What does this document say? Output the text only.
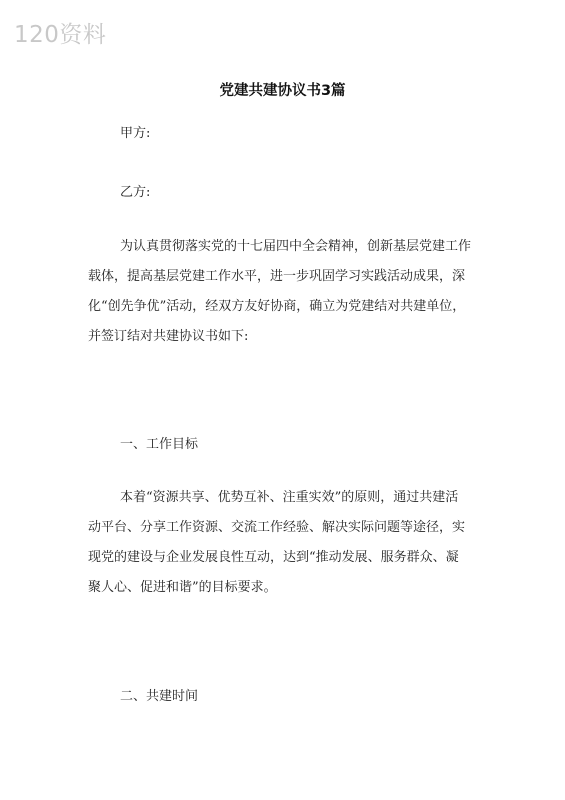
120资料
党建共建协议书3篇
甲方:
乙方:
为认真贯彻落实党的十七届四中全会精神，创新基层党建工作
载体，提高基层党建工作水平，进一步巩固学习实践活动成果，深
化“创先争优”活动，经双方友好协商，确立为党建结对共建单位，
并签订结对共建协议书如下:
一、工作目标
本着“资源共享、优势互补、注重实效”的原则，通过共建活
动平台、分享工作资源、交流工作经验、解决实际问题等途径，实
现党的建设与企业发展良性互动，达到“推动发展、服务群众、凝
聚人心、促进和谐”的目标要求。
二、共建时间
